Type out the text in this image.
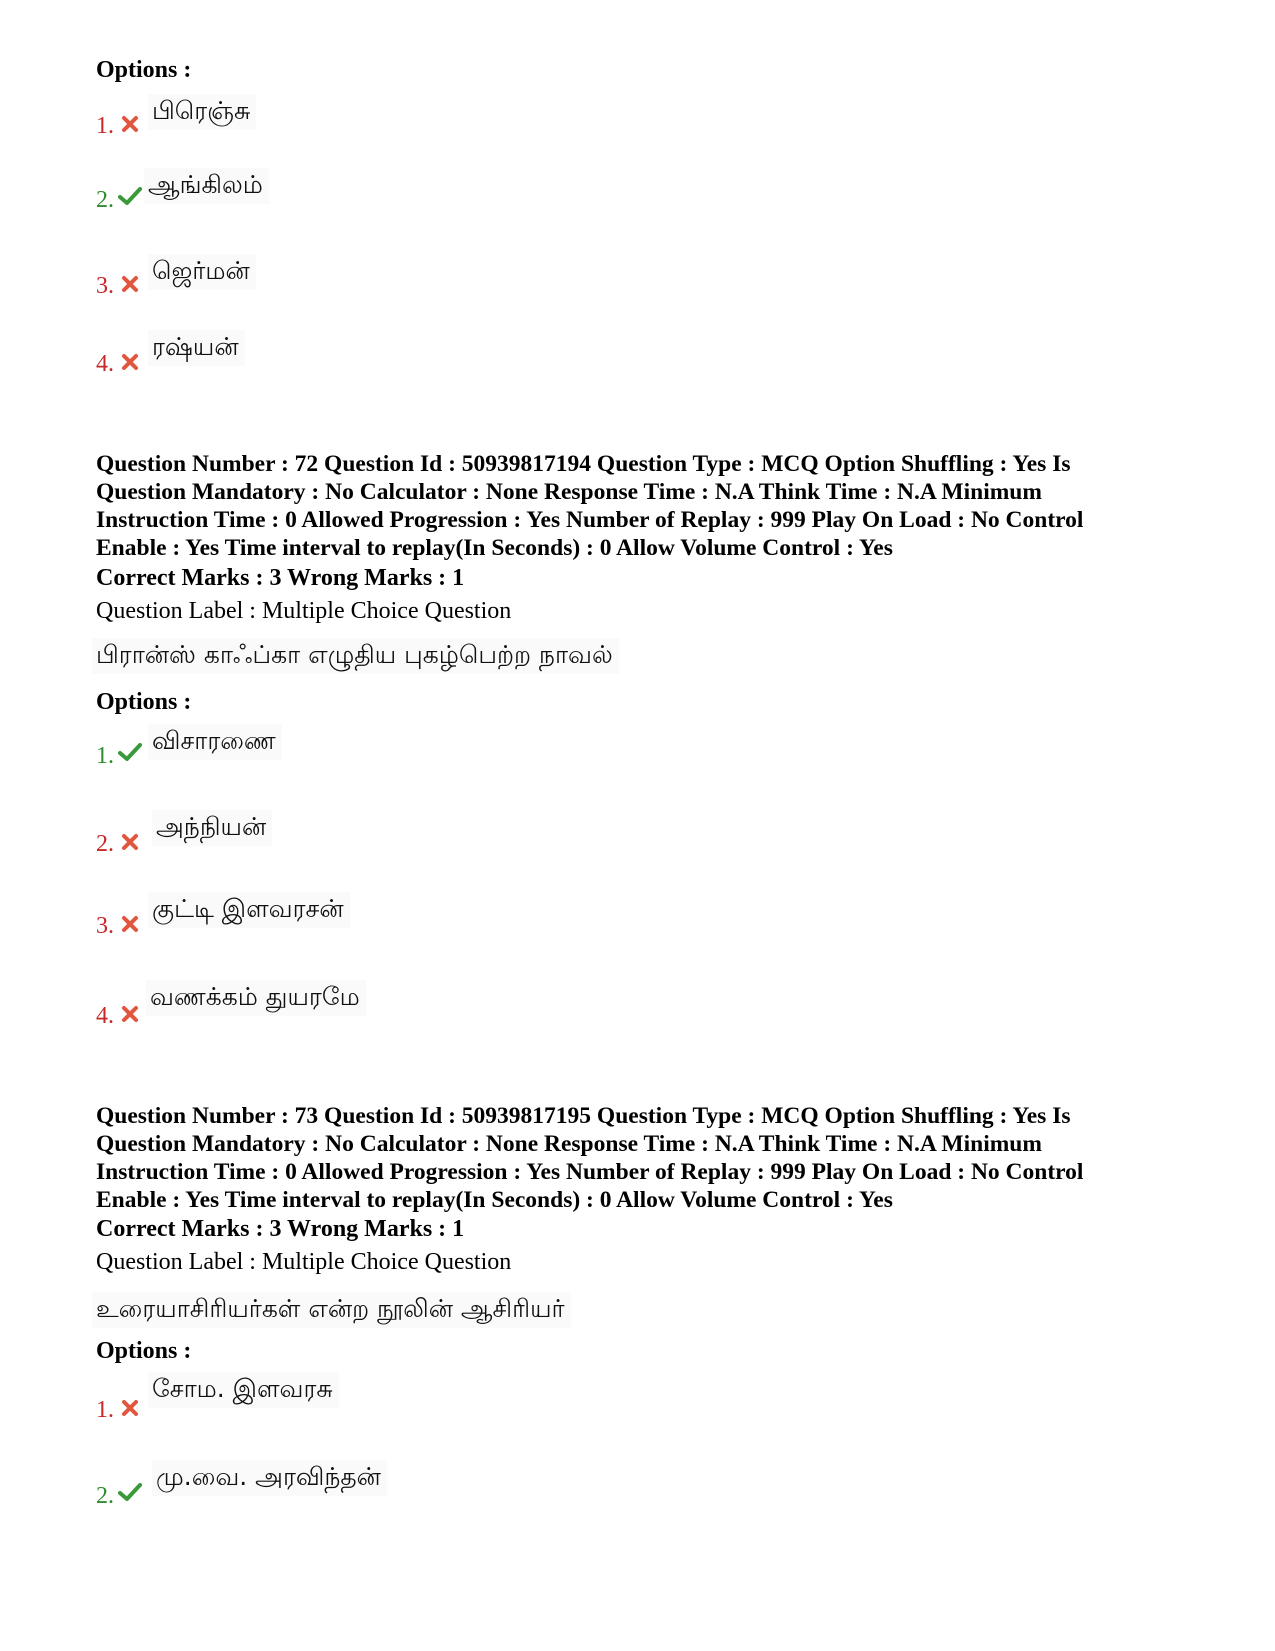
Options :
1.
பிரெஞ்சு
2.
ஆங்கிலம்
3.
ஜெர்மன்
4.
ரஷ்யன்
Question Number : 72 Question Id : 50939817194 Question Type : MCQ Option Shuffling : Yes Is
Question Mandatory : No Calculator : None Response Time : N.A Think Time : N.A Minimum
Instruction Time : 0 Allowed Progression : Yes Number of Replay : 999 Play On Load : No Control
Enable : Yes Time interval to replay(In Seconds) : 0 Allow Volume Control : Yes
Correct Marks : 3 Wrong Marks : 1
Question Label : Multiple Choice Question
பிரான்ஸ் காஃப்கா எழுதிய புகழ்பெற்ற நாவல்
Options :
1.
விசாரணை
2.
அந்நியன்
3.
குட்டி இளவரசன்
4.
வணக்கம் துயரமே
Question Number : 73 Question Id : 50939817195 Question Type : MCQ Option Shuffling : Yes Is
Question Mandatory : No Calculator : None Response Time : N.A Think Time : N.A Minimum
Instruction Time : 0 Allowed Progression : Yes Number of Replay : 999 Play On Load : No Control
Enable : Yes Time interval to replay(In Seconds) : 0 Allow Volume Control : Yes
Correct Marks : 3 Wrong Marks : 1
Question Label : Multiple Choice Question
உரையாசிரியர்கள் என்ற நூலின் ஆசிரியர்
Options :
1.
சோம. இளவரசு
2.
மு.வை. அரவிந்தன்
